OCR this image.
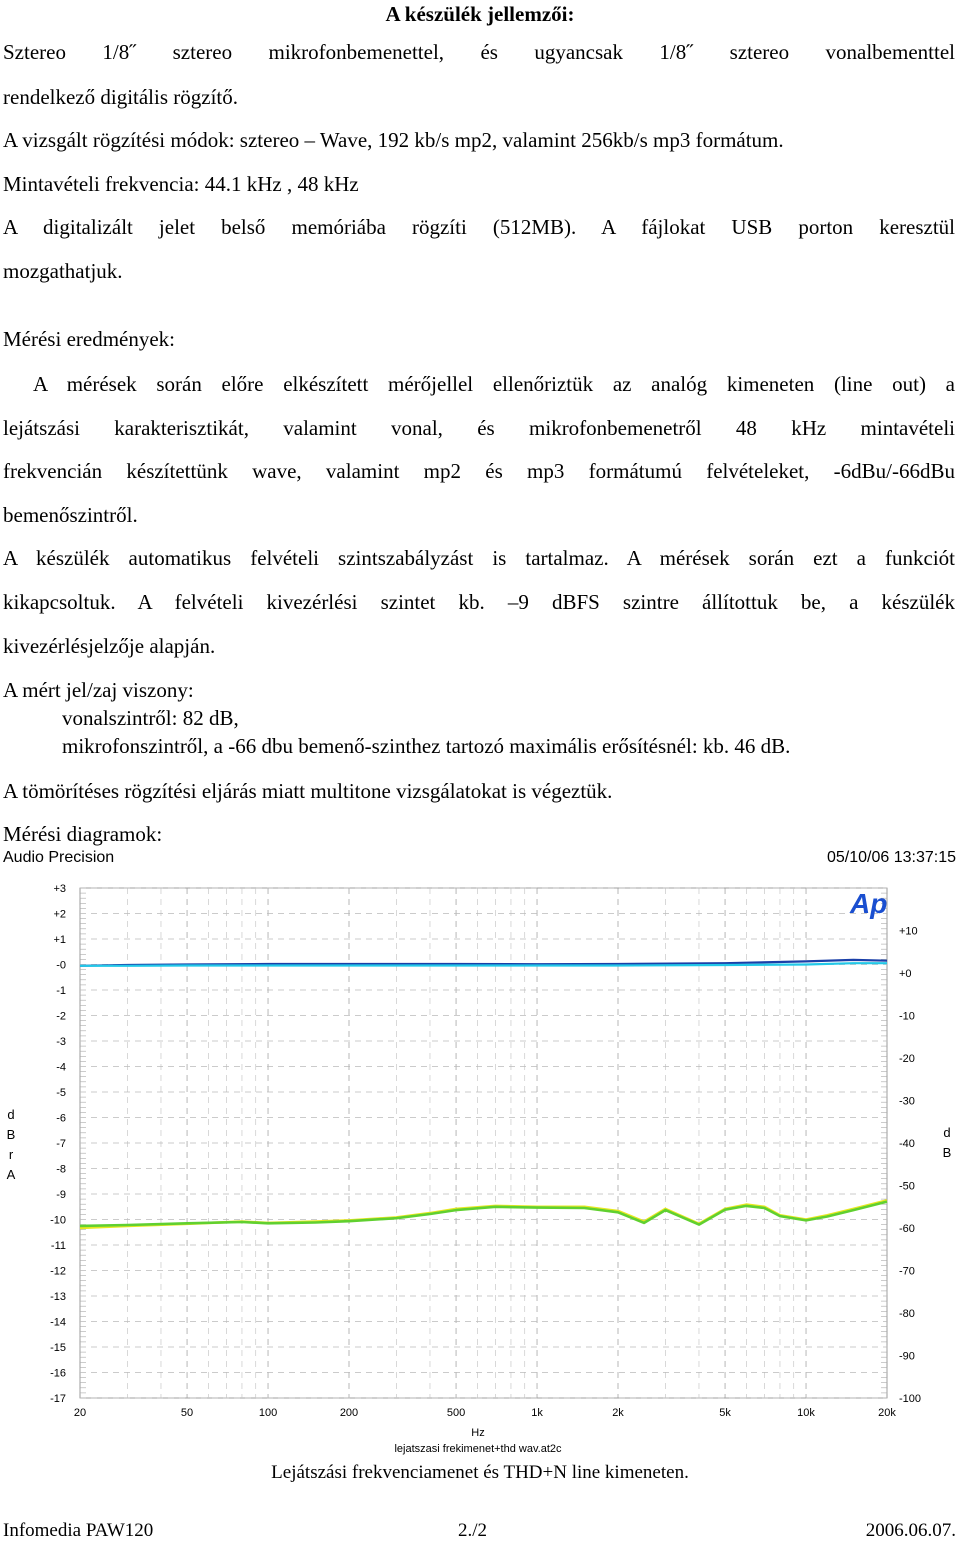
A készülék jellemzői:
Sztereo 1/8˝ sztereo mikrofonbemenettel, és ugyancsak 1/8˝ sztereo vonalbementtel
rendelkező digitális rögzítő.
A vizsgált rögzítési módok: sztereo – Wave, 192 kb/s mp2, valamint 256kb/s mp3 formátum.
Mintavételi frekvencia: 44.1 kHz , 48 kHz
A digitalizált jelet belső memóriába rögzíti (512MB). A fájlokat USB porton keresztül
mozgathatjuk.
Mérési eredmények:
A mérések során előre elkészített mérőjellel ellenőriztük az analóg kimeneten (line out) a
lejátszási karakterisztikát, valamint vonal, és mikrofonbemenetről 48 kHz mintavételi
frekvencián készítettünk wave, valamint mp2 és mp3 formátumú felvételeket, -6dBu/-66dBu
bemenőszintről.
A készülék automatikus felvételi szintszabályzást is tartalmaz. A mérések során ezt a funkciót
kikapcsoltuk. A felvételi kivezérlési szintet kb. –9 dBFS szintre állítottuk be, a készülék
kivezérlésjelzője alapján.
A mért jel/zaj viszony:
vonalszintről: 82 dB,
mikrofonszintről, a -66 dbu bemenő-szinthez tartozó maximális erősítésnél: kb. 46 dB.
A tömörítéses rögzítési eljárás miatt multitone vizsgálatokat is végeztük.
Mérési diagramok:
Audio Precision	05/10/06 13:37:15
+3
+2
+1
-0
-1
-2
-3
-4
-5
-6
-7
-8
-9
-10
-11
-12
-13
-14
-15
-16
-17
+10
+0
-10
-20
-30
-40
-50
-60
-70
-80
-90
-100
20	50	100	200	500	1k	2k	5k	10k	20k
Ap
Hz
lejatszasi frekimenet+thd wav.at2c
d
B
r
A
d
B
Lejátszási frekvenciamenet és THD+N line kimeneten.
Infomedia PAW120	2./2	2006.06.07.
